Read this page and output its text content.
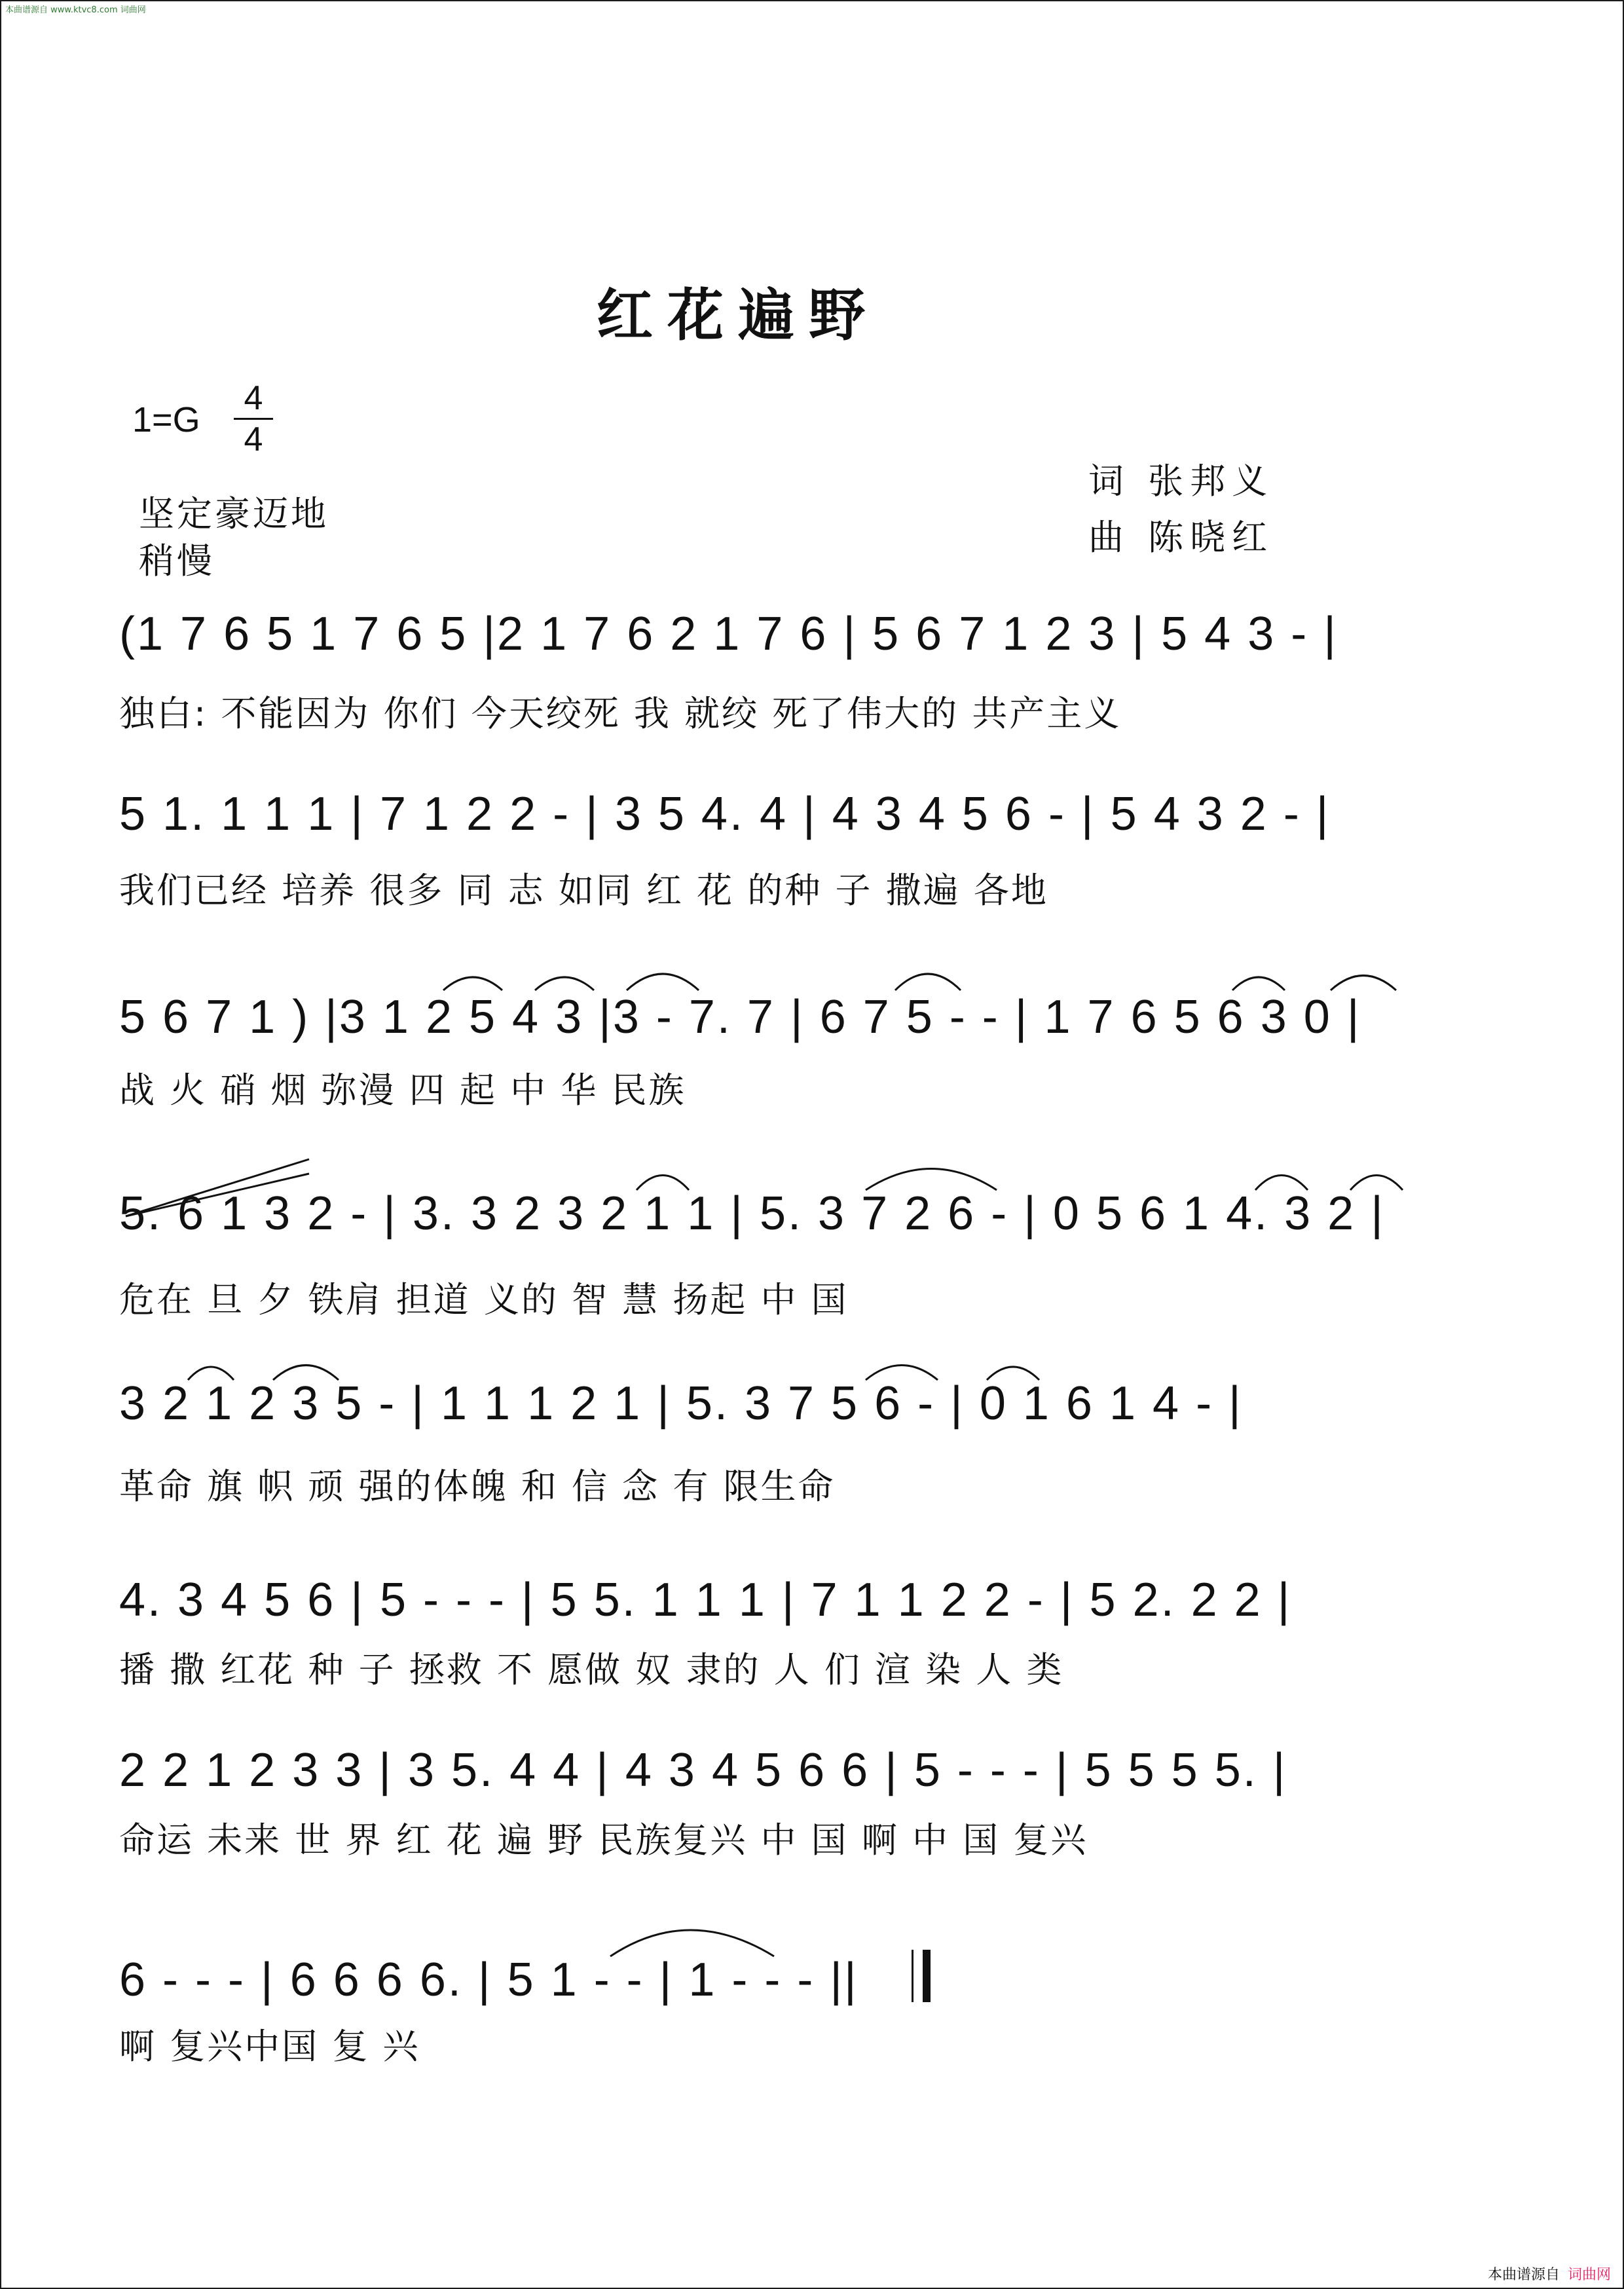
本曲谱源自 www.ktvc8.com 词曲网
红花遍野
1=G
4
4
坚定豪迈地
稍慢
词 张邦义
曲 陈晓红
(1 7 6 5 1 7 6 5 |2 1 7 6 2 1 7 6 | 5 6 7 1 2 3 | 5 4 3 - |
独白: 不能因为 你们 今天绞死 我 就绞 死了伟大的 共产主义
5 1. 1 1 1 | 7 1 2 2 - | 3 5 4. 4 | 4 3 4 5 6 - | 5 4 3 2 - |
我们已经 培养 很多 同 志 如同 红 花 的种 子 撒遍 各地
5 6 7 1 ) |3 1 2 5 4 3 |3 - 7. 7 | 6 7 5 - - | 1 7 6 5 6 3 0 |
战 火 硝 烟 弥漫 四 起 中 华 民族
5. 6 1 3 2 - | 3. 3 2 3 2 1 1 | 5. 3 7 2 6 - | 0 5 6 1 4. 3 2 |
危在 旦 夕 铁肩 担道 义的 智 慧 扬起 中 国
3 2 1 2 3 5 - | 1 1 1 2 1 | 5. 3 7 5 6 - | 0 1 6 1 4 - |
革命 旗 帜 顽 强的体魄 和 信 念 有 限生命
4. 3 4 5 6 | 5 - - - | 5 5. 1 1 1 | 7 1 1 2 2 - | 5 2. 2 2 |
播 撒 红花 种 子 拯救 不 愿做 奴 隶的 人 们 渲 染 人 类
2 2 1 2 3 3 | 3 5. 4 4 | 4 3 4 5 6 6 | 5 - - - | 5 5 5 5. |
命运 未来 世 界 红 花 遍 野 民族复兴 中 国 啊 中 国 复兴
6 - - - | 6 6 6 6. | 5 1 - - | 1 - - - ||
啊 复兴中国 复 兴
本曲谱源自 词曲网
